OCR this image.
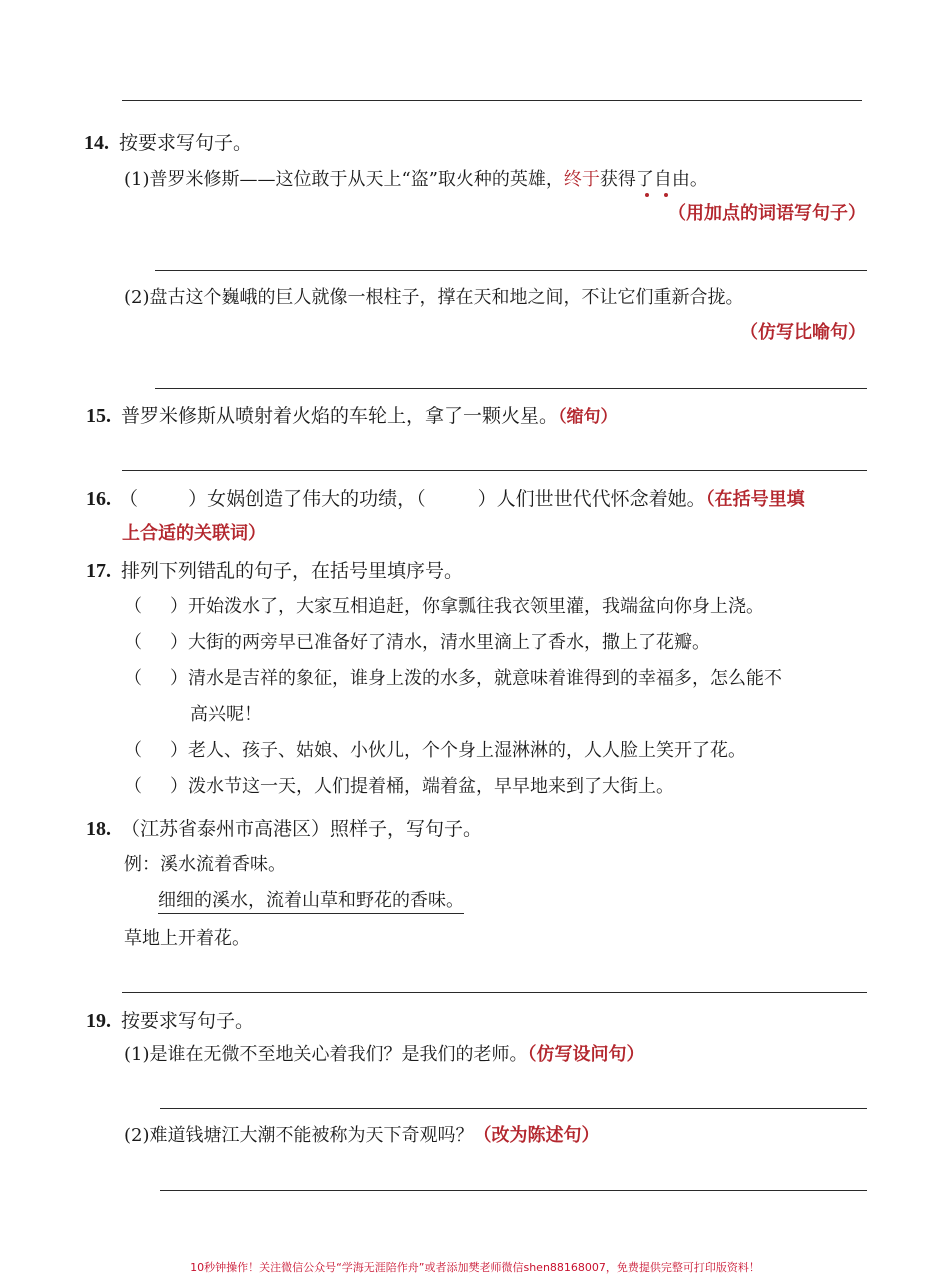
14. 按要求写句子。
(1)普罗米修斯——这位敢于从天上“盗”取火种的英雄，终于获得了自由。
（用加点的词语写句子）
(2)盘古这个巍峨的巨人就像一根柱子，撑在天和地之间，不让它们重新合拢。
（仿写比喻句）
15. 普罗米修斯从喷射着火焰的车轮上，拿了一颗火星。（缩句）
16. （	）女娲创造了伟大的功绩，（	）人们世世代代怀念着她。（在括号里填
上合适的关联词）
17. 排列下列错乱的句子，在括号里填序号。
（ ）开始泼水了，大家互相追赶，你拿瓢往我衣领里灌，我端盆向你身上浇。
（ ）大街的两旁早已准备好了清水，清水里滴上了香水，撒上了花瓣。
（ ）清水是吉祥的象征，谁身上泼的水多，就意味着谁得到的幸福多，怎么能不
高兴呢！
（ ）老人、孩子、姑娘、小伙儿，个个身上湿淋淋的，人人脸上笑开了花。
（ ）泼水节这一天，人们提着桶，端着盆，早早地来到了大街上。
18. （江苏省泰州市高港区）照样子，写句子。
例：溪水流着香味。
细细的溪水，流着山草和野花的香味。
草地上开着花。
19. 按要求写句子。
(1)是谁在无微不至地关心着我们？是我们的老师。（仿写设问句）
(2)难道钱塘江大潮不能被称为天下奇观吗？（改为陈述句）
10秒钟操作！关注微信公众号“学海无涯陪作舟”或者添加樊老师微信shen88168007，免费提供完整可打印版资料！
